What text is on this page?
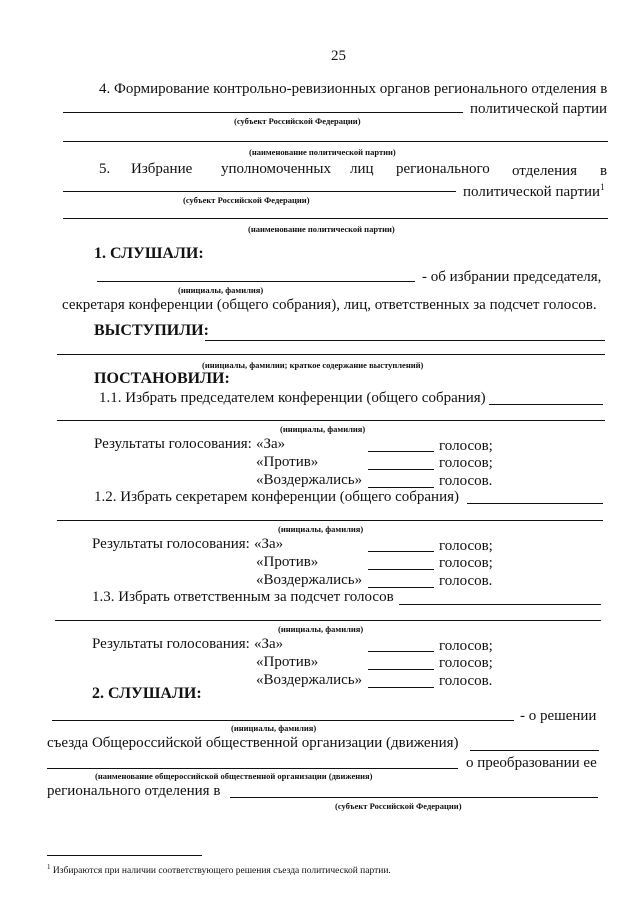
25
4. Формирование контрольно-ревизионных органов регионального отделения в
политической партии
(субъект Российской Федерации)
(наименование политической партии)
5. Избрание уполномоченных лиц регионального отделения в
политической партии$^1$
(субъект Российской Федерации)
(наименование политической партии)
1. СЛУШАЛИ:
- об избрании председателя,
(инициалы, фамилия)
секретаря конференции (общего собрания), лиц, ответственных за подсчет голосов.
ВЫСТУПИЛИ:
(инициалы, фамилии; краткое содержание выступлений)
ПОСТАНОВИЛИ:
1.1. Избрать председателем конференции (общего собрания)
(инициалы, фамилия)
Результаты голосования: «За»	голосов;
«Против»	голосов;
«Воздержались»	голосов.
1.2. Избрать секретарем конференции (общего собрания)
(инициалы, фамилия)
Результаты голосования: «За»	голосов;
«Против»	голосов;
«Воздержались»	голосов.
1.3. Избрать ответственным за подсчет голосов
(инициалы, фамилия)
Результаты голосования: «За»	голосов;
«Против»	голосов;
«Воздержались»	голосов.
2. СЛУШАЛИ:
- о решении
(инициалы, фамилия)
съезда Общероссийской общественной организации (движения)
о преобразовании ее
(наименование общероссийской общественной организации (движения)
регионального отделения в
(субъект Российской Федерации)
$^1$ Избираются при наличии соответствующего решения съезда политической партии.
